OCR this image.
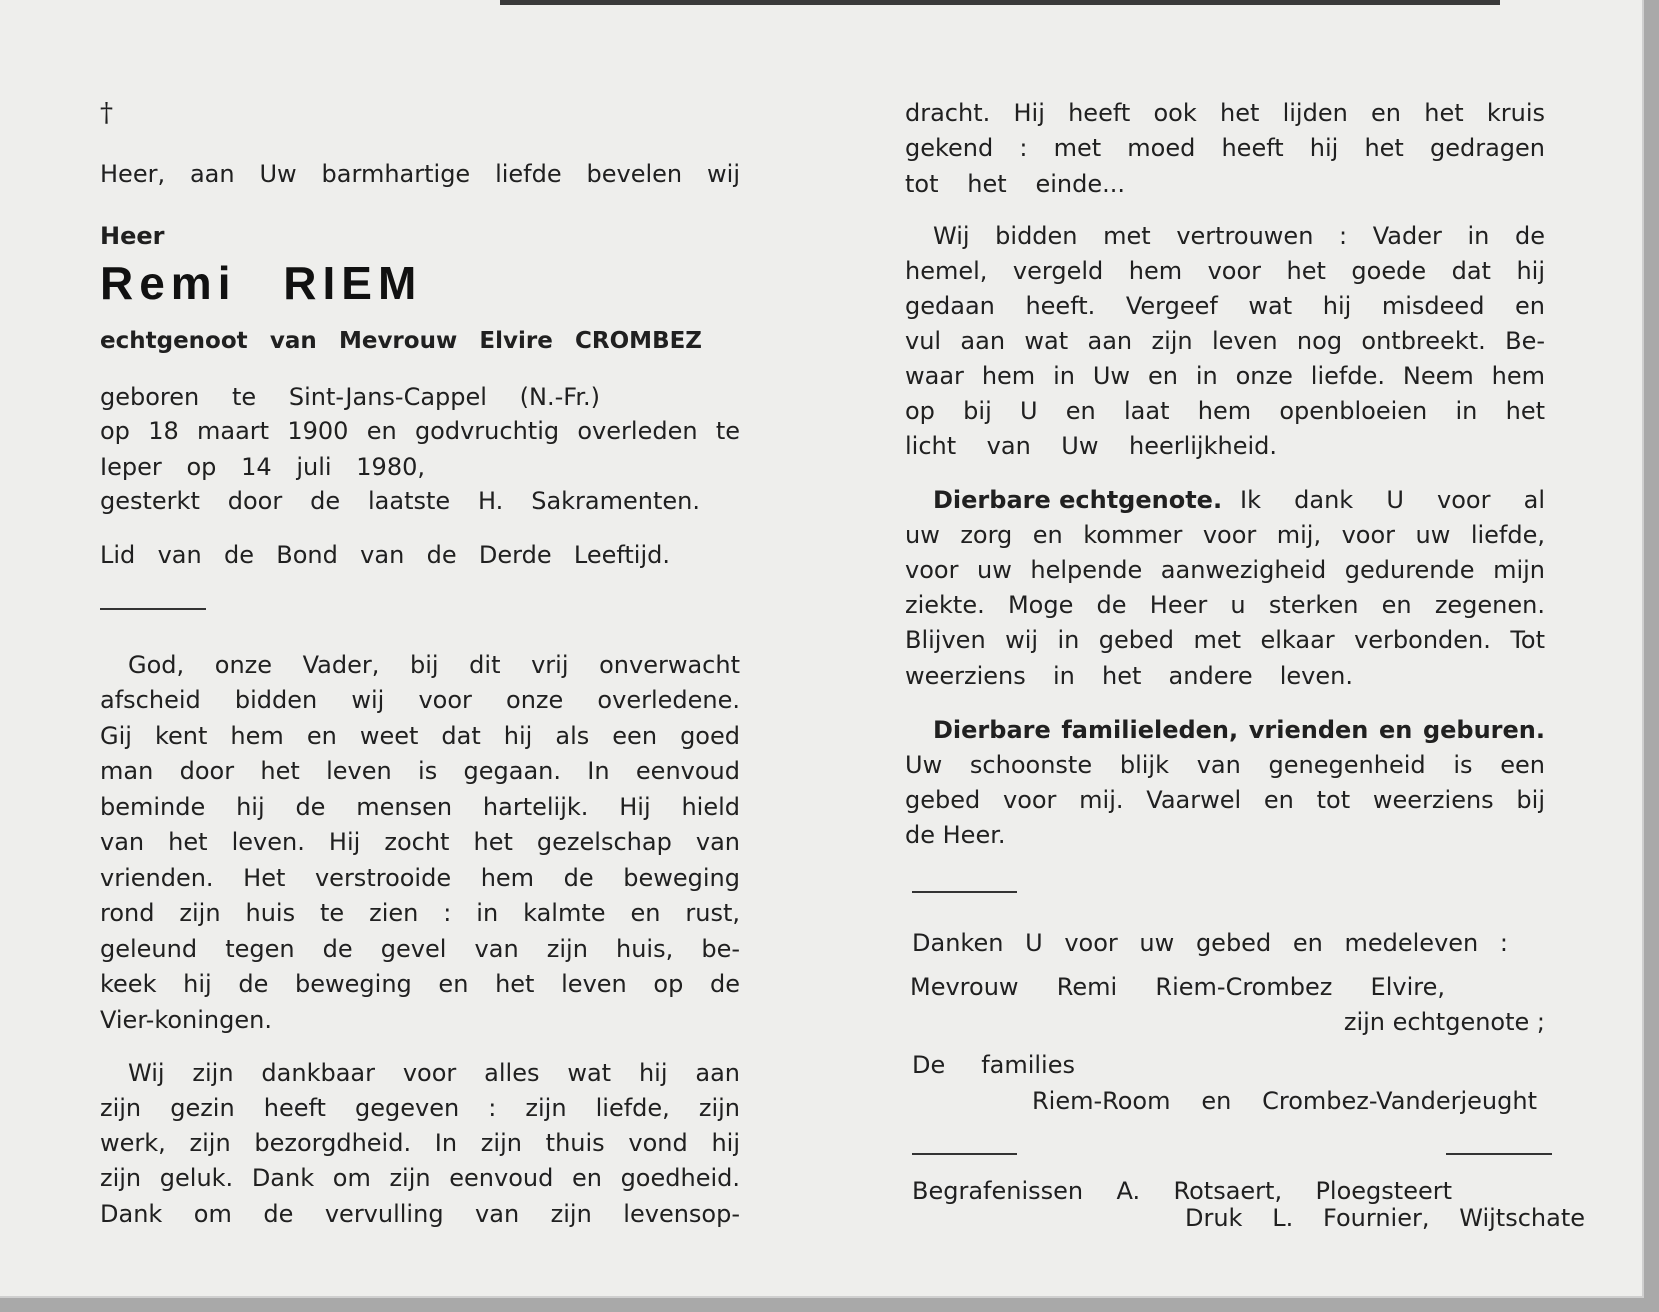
†
Heer, aan Uw barmhartige liefde bevelen wij
Heer
Remi RIEM
echtgenoot van Mevrouw Elvire CROMBEZ
geboren te Sint-Jans-Cappel (N.-Fr.)
op 18 maart 1900 en godvruchtig overleden te
Ieper op 14 juli 1980,
gesterkt door de laatste H. Sakramenten.
Lid van de Bond van de Derde Leeftijd.
God, onze Vader, bij dit vrij onverwacht
afscheid bidden wij voor onze overledene.
Gij kent hem en weet dat hij als een goed
man door het leven is gegaan. In eenvoud
beminde hij de mensen hartelijk. Hij hield
van het leven. Hij zocht het gezelschap van
vrienden. Het verstrooide hem de beweging
rond zijn huis te zien : in kalmte en rust,
geleund tegen de gevel van zijn huis, be-
keek hij de beweging en het leven op de
Vier-koningen.
Wij zijn dankbaar voor alles wat hij aan
zijn gezin heeft gegeven : zijn liefde, zijn
werk, zijn bezorgdheid. In zijn thuis vond hij
zijn geluk. Dank om zijn eenvoud en goedheid.
Dank om de vervulling van zijn levensop-
dracht. Hij heeft ook het lijden en het kruis
gekend : met moed heeft hij het gedragen
tot het einde...
Wij bidden met vertrouwen : Vader in de
hemel, vergeld hem voor het goede dat hij
gedaan heeft. Vergeef wat hij misdeed en
vul aan wat aan zijn leven nog ontbreekt. Be-
waar hem in Uw en in onze liefde. Neem hem
op bij U en laat hem openbloeien in het
licht van Uw heerlijkheid.
Dierbare echtgenote. Ik dank U voor al
uw zorg en kommer voor mij, voor uw liefde,
voor uw helpende aanwezigheid gedurende mijn
ziekte. Moge de Heer u sterken en zegenen.
Blijven wij in gebed met elkaar verbonden. Tot
weerziens in het andere leven.
Dierbare familieleden, vrienden en geburen.
Uw schoonste blijk van genegenheid is een
gebed voor mij. Vaarwel en tot weerziens bij
de Heer.
Danken U voor uw gebed en medeleven :
Mevrouw Remi Riem-Crombez Elvire,
zijn echtgenote ;
De families
Riem-Room en Crombez-Vanderjeught
Begrafenissen A. Rotsaert, Ploegsteert
Druk L. Fournier, Wijtschate
